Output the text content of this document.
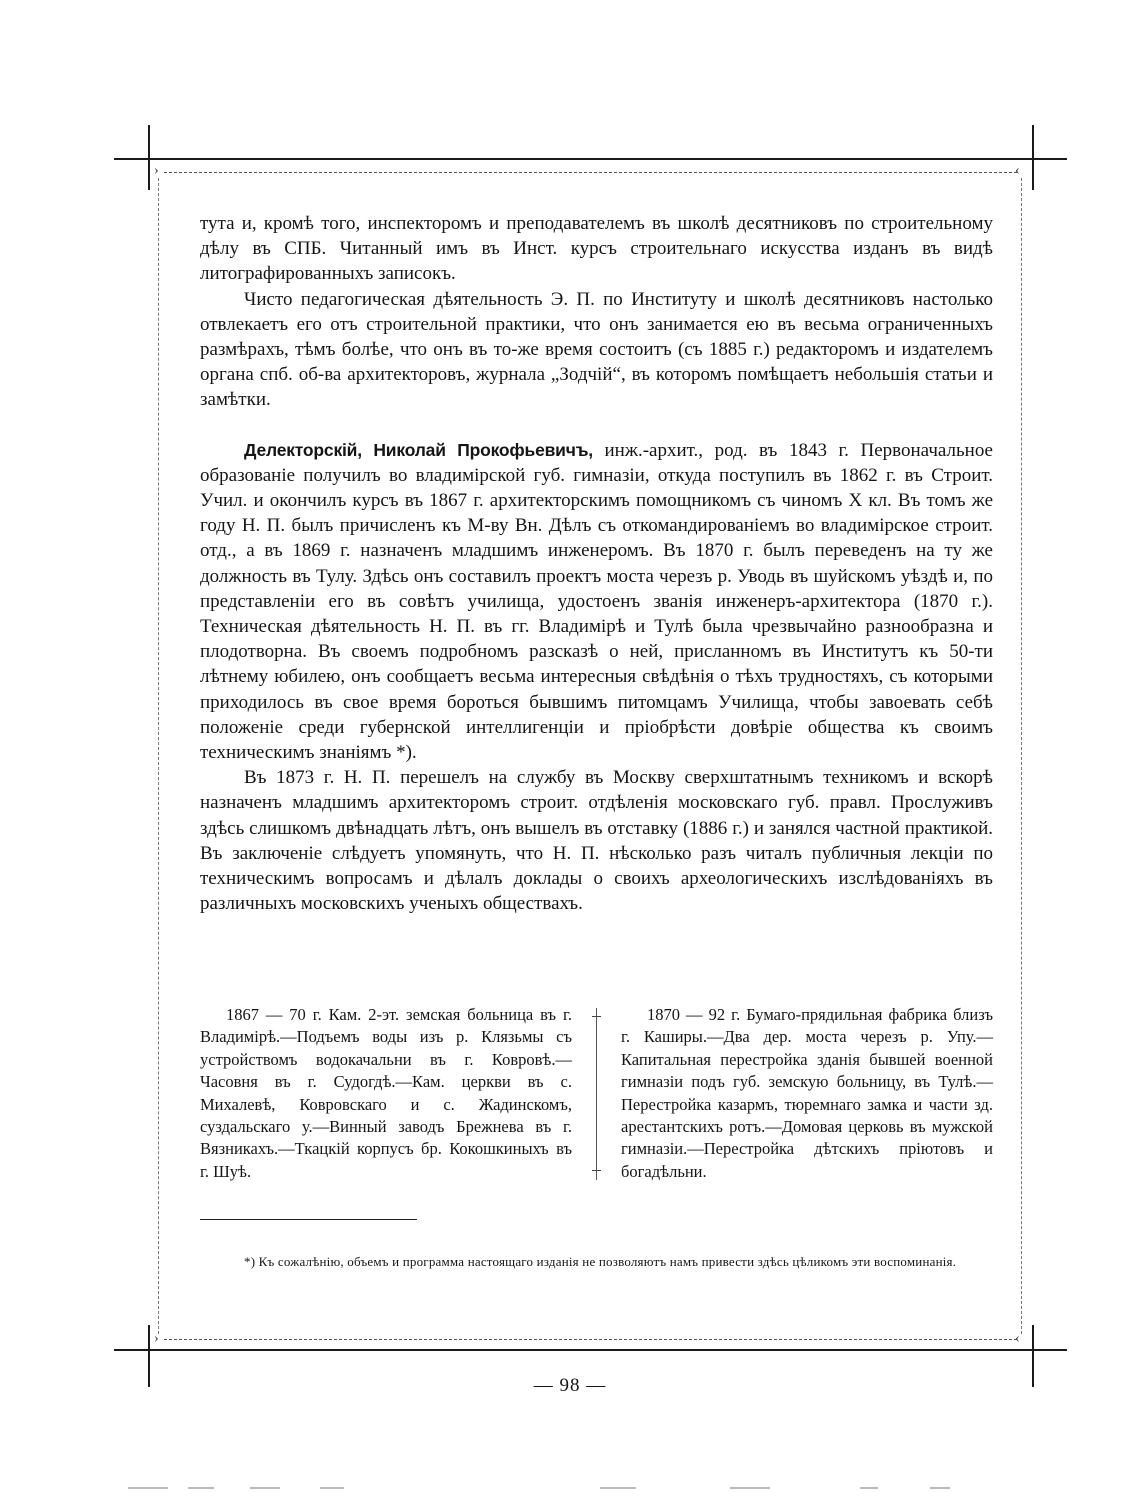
›	‹
›	‹

тута и, кромѣ того, инспекторомъ и преподавателемъ въ школѣ десятниковъ по строительному дѣлу въ СПБ. Читанный имъ въ Инст. курсъ строительнаго искусства изданъ въ видѣ литографированныхъ записокъ.

Чисто педагогическая дѣятельность Э. П. по Институту и школѣ десятниковъ настолько отвлекаетъ его отъ строительной практики, что онъ занимается ею въ весьма ограниченныхъ размѣрахъ, тѣмъ болѣе, что онъ въ то-же время состоитъ (съ 1885 г.) редакторомъ и издателемъ органа спб. об-ва архитекторовъ, журнала „Зодчій“, въ которомъ помѣщаетъ небольшія статьи и замѣтки.

Делекторскій, Николай Прокофьевичъ, инж.-архит., род. въ 1843 г. Первоначальное образованіе получилъ во владимірской губ. гимназіи, откуда поступилъ въ 1862 г. въ Строит. Учил. и окончилъ курсъ въ 1867 г. архитекторскимъ помощникомъ съ чиномъ X кл. Въ томъ же году Н. П. былъ причисленъ къ М-ву Вн. Дѣлъ съ откомандированіемъ во владимірское строит. отд., а въ 1869 г. назначенъ младшимъ инженеромъ. Въ 1870 г. былъ переведенъ на ту же должность въ Тулу. Здѣсь онъ составилъ проектъ моста черезъ р. Уводь въ шуйскомъ уѣздѣ и, по представленіи его въ совѣтъ училища, удостоенъ званія инженеръ-архитектора (1870 г.). Техническая дѣятельность Н. П. въ гг. Владимірѣ и Тулѣ была чрезвычайно разнообразна и плодотворна. Въ своемъ подробномъ разсказѣ о ней, присланномъ въ Институтъ къ 50-ти лѣтнему юбилею, онъ сообщаетъ весьма интересныя свѣдѣнія о тѣхъ трудностяхъ, съ которыми приходилось въ свое время бороться бывшимъ питомцамъ Училища, чтобы завоевать себѣ положеніе среди губернской интеллигенціи и пріобрѣсти довѣріе общества къ своимъ техническимъ знаніямъ *).

Въ 1873 г. Н. П. перешелъ на службу въ Москву сверхштатнымъ техникомъ и вскорѣ назначенъ младшимъ архитекторомъ строит. отдѣленія московскаго губ. правл. Прослуживъ здѣсь слишкомъ двѣнадцать лѣтъ, онъ вышелъ въ отставку (1886 г.) и занялся частной практикой. Въ заключеніе слѣдуетъ упомянуть, что Н. П. нѣсколько разъ читалъ публичныя лекціи по техническимъ вопросамъ и дѣлалъ доклады о своихъ археологическихъ изслѣдованіяхъ въ различныхъ московскихъ ученыхъ обществахъ.

1867 — 70 г. Кам. 2-эт. земская больница въ г. Владимірѣ.—Подъемъ воды изъ р. Клязьмы съ устройствомъ водокачальни въ г. Ковровѣ.—Часовня въ г. Судогдѣ.—Кам. церкви въ с. Михалевѣ, Ковровскаго и с. Жадинскомъ, суздальскаго у.—Винный заводъ Брежнева въ г. Вязникахъ.—Ткацкій корпусъ бр. Кокошкиныхъ въ г. Шуѣ.

1870 — 92 г. Бумаго-прядильная фабрика близъ г. Каширы.—Два дер. моста черезъ р. Упу.—Капитальная перестройка зданія бывшей военной гимназіи подъ губ. земскую больницу, въ Тулѣ.—Перестройка казармъ, тюремнаго замка и части зд. арестантскихъ ротъ.—Домовая церковь въ мужской гимназіи.—Перестройка дѣтскихъ пріютовъ и богадѣльни.

*) Къ сожалѣнію, объемъ и программа настоящаго изданія не позволяютъ намъ привести здѣсь цѣликомъ эти воспоминанія.

— 98 —
